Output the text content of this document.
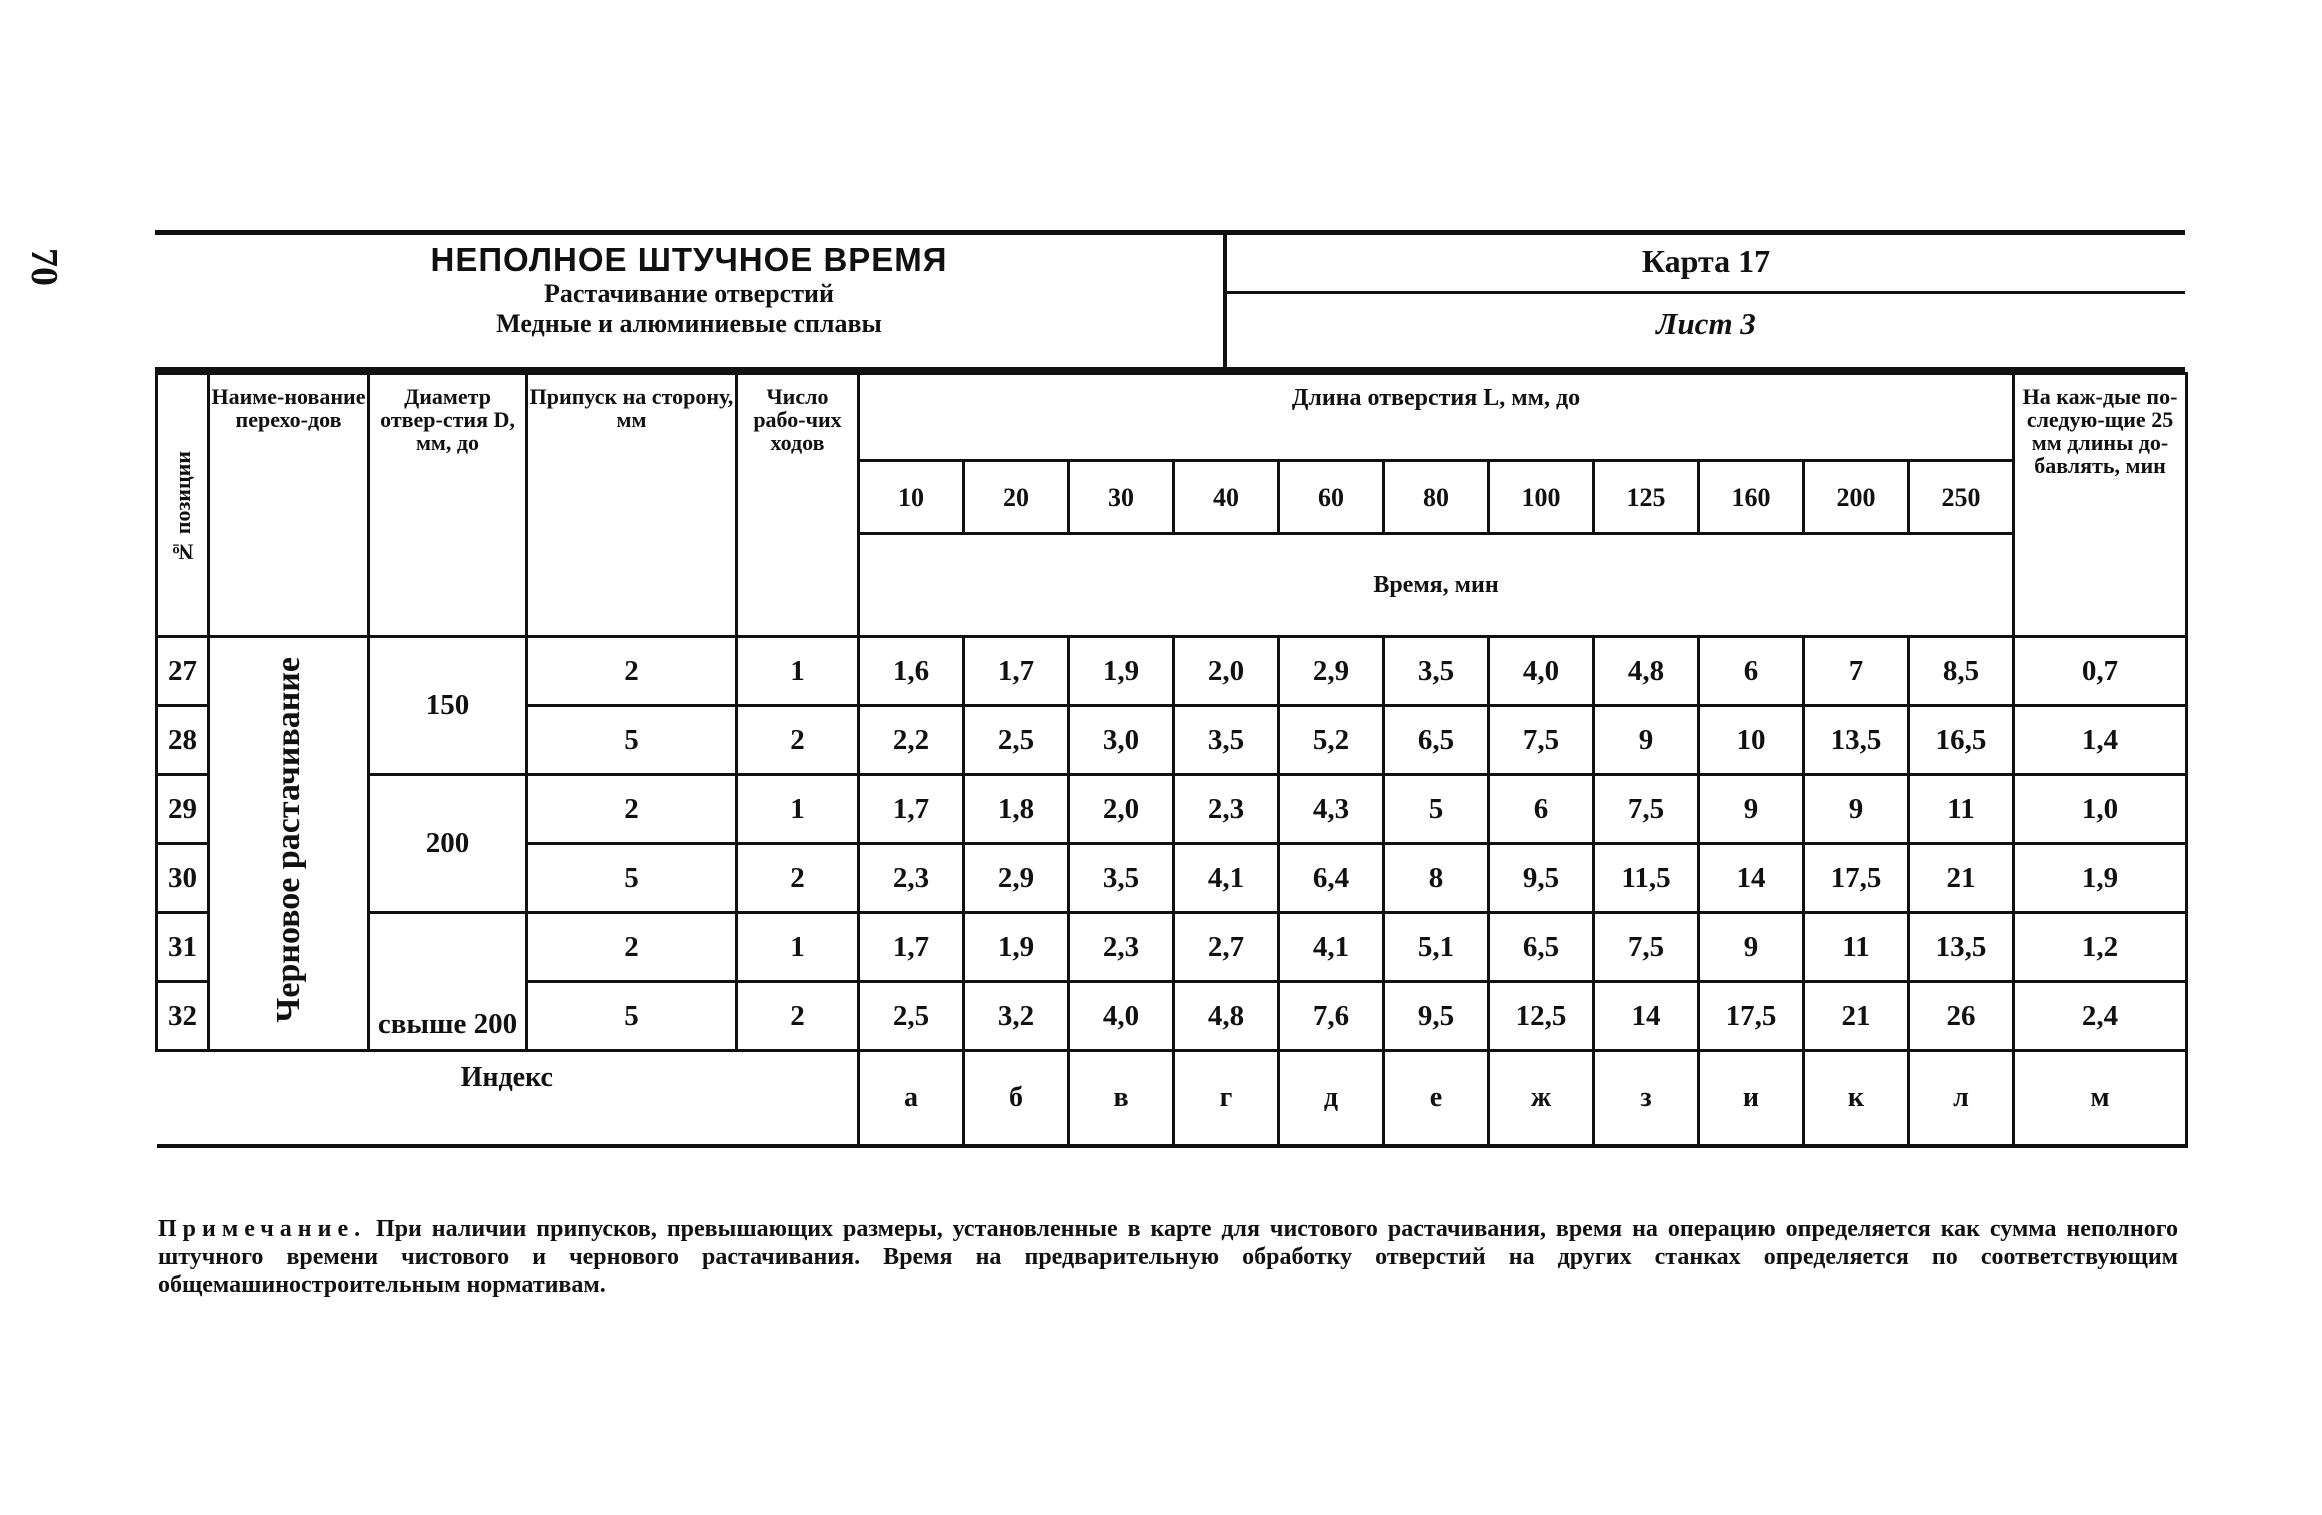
70	НЕПОЛНОЕ ШТУЧНОЕ ВРЕМЯ
Растачивание отверстий
Медные и алюминиевые сплавы

Карта 17
Лист 3
№ позиции	Наиме-нование перехо-дов	Диаметр отвер-стия D, мм, до	Припуск на сторону, мм	Число рабо-чих ходов	Длина отверстия L, мм, до											На каж-дые по-следую-щие 25 мм длины до-бавлять, мин
					10	20	30	40	60	80	100	125	160	200	250	
					Время, мин											
27	Черновое растачивание	150	2	1	1,6	1,7	1,9	2,0	2,9	3,5	4,0	4,8	6	7	8,5	0,7
28			5	2	2,2	2,5	3,0	3,5	5,2	6,5	7,5	9	10	13,5	16,5	1,4
29		200	2	1	1,7	1,8	2,0	2,3	4,3	5	6	7,5	9	9	11	1,0
30			5	2	2,3	2,9	3,5	4,1	6,4	8	9,5	11,5	14	17,5	21	1,9
31		свыше 200	2	1	1,7	1,9	2,3	2,7	4,1	5,1	6,5	7,5	9	11	13,5	1,2
32			5	2	2,5	3,2	4,0	4,8	7,6	9,5	12,5	14	17,5	21	26	2,4
Индекс					а	б	в	г	д	е	ж	з	и	к	л	м
Примечание. При наличии припусков, превышающих размеры, установленные в карте для чистового растачивания, время на операцию определяется как сумма неполного штучного времени чистового и чернового растачивания. Время на предварительную обработку отверстий на других станках определяется по соответствующим общемашиностроительным нормативам.
